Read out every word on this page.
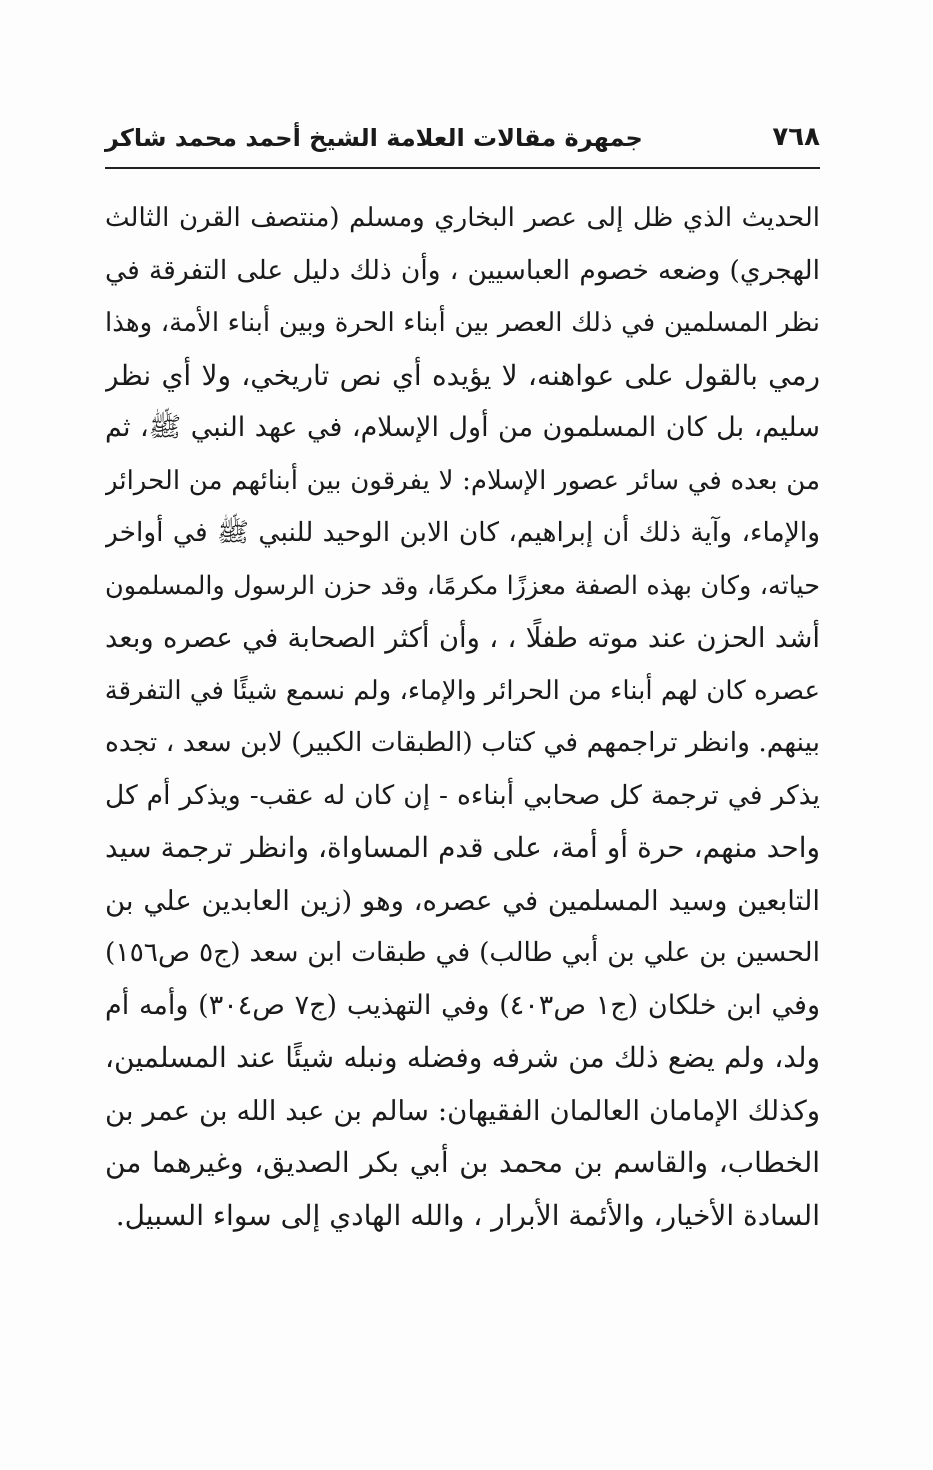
٧٦٨
جمهرة مقالات العلامة الشيخ أحمد محمد شاكر
الحديث الذي ظل إلى عصر البخاري ومسلم (منتصف القرن الثالث
الهجري) وضعه خصوم العباسيين ، وأن ذلك دليل على التفرقة في
نظر المسلمين في ذلك العصر بين أبناء الحرة وبين أبناء الأمة، وهذا
رمي بالقول على عواهنه، لا يؤيده أي نص تاريخي، ولا أي نظر
سليم، بل كان المسلمون من أول الإسلام، في عهد النبي ﷺ، ثم
من بعده في سائر عصور الإسلام: لا يفرقون بين أبنائهم من الحرائر
والإماء، وآية ذلك أن إبراهيم، كان الابن الوحيد للنبي ﷺ في أواخر
حياته، وكان بهذه الصفة معززًا مكرمًا، وقد حزن الرسول والمسلمون
أشد الحزن عند موته طفلًا ، ، وأن أكثر الصحابة في عصره وبعد
عصره كان لهم أبناء من الحرائر والإماء، ولم نسمع شيئًا في التفرقة
بينهم. وانظر تراجمهم في كتاب (الطبقات الكبير) لابن سعد ، تجده
يذكر في ترجمة كل صحابي أبناءه - إن كان له عقب- ويذكر أم كل
واحد منهم، حرة أو أمة، على قدم المساواة، وانظر ترجمة سيد
التابعين وسيد المسلمين في عصره، وهو (زين العابدين علي بن
الحسين بن علي بن أبي طالب) في طبقات ابن سعد (ج٥ ص١٥٦)
وفي ابن خلكان (ج١ ص٤٠٣) وفي التهذيب (ج٧ ص٣٠٤) وأمه أم
ولد، ولم يضع ذلك من شرفه وفضله ونبله شيئًا عند المسلمين،
وكذلك الإمامان العالمان الفقيهان: سالم بن عبد الله بن عمر بن
الخطاب، والقاسم بن محمد بن أبي بكر الصديق، وغيرهما من
السادة الأخيار، والأئمة الأبرار ، والله الهادي إلى سواء السبيل.
